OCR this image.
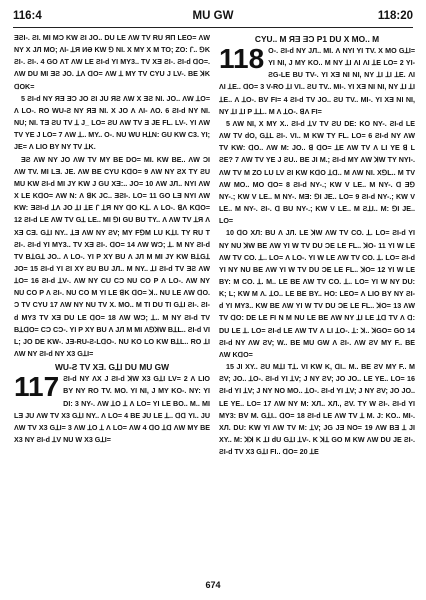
116:4	MU GW	118:20

ƎƧI-. ƧI. MI MƆ KW ƧI JO.. DU LE ΛW TV RU ЯΠ LEO= ΛW NY X JЛ MO; ΛI- ꓕЯ ИƏ KW ꓨ NI. X MY X M TO; ZO: ꓩ.. ꓨK ƧI-. ƧI-. 4 GO ΛT ΛW LE ƧI-d YI MY3.. TV XƎ ƧI-. ƧI-d ꓷO=. ΛW DU MI ƎƧ JO. ꓕɅ ꓷO= ΛW ꓕ MY TV CYU J LV-. BE ꓘK ꓷOK=

5 ƧI-d NY ЯƎ ƎƆ JO ƧI JU ЯƧ ΛW X ƎƧ NI. JO.. ΛW ꓕO= Λ LO-. RO WU-Ƨ NY ЯƎ NI. X JO Ʌ ΛI- ΛO. 6 ƧI-d NY NI. NU; NI. TƎ ƧU TV ꓕ J_ LO= ƧU ΛW TV Ǝ JE FL. LV-. YI ΛW TV YE J LO= 7 ΛW ꓕ.. MY.. O-. NU WU HꓕN: GU KW C3. YI; JE= Λ LIO BY NY TV ꓕK.

ƎƧ ΛW NY JO ΛW TV MY BE DO= MI. KW BE.. ΛW ƆI ΛW TV. MI LƎ. JE. ΛW BE CYU KꓷO= 9 ΛW NY ƧX TY ƧU MU KW ƧI-d MI JY KW J GU XƎ:.. JO= 10 ΛW JЛ.. NYI ΛW X LE KꓷO= ΛW N: Λ ꓭK JC.. ƎƧI-. LO= 11 GO LƎ NYI ΛW KW: ƎƧI-d ꓕɅ JO ꓕI ꓕE ꓩ ꓕЯ NY ꓷO Kꓕ. Λ LO-. ꓭΛ KꓷO= 12 ƧI-d LE ΛW TV Gꓕ LE.. MI ꓨI GU BU TY.. Λ ΛW TV ꓕЯ Λ XƎ CƎ. GꓕI NY.. ꓕƎ ΛW NY ƧV; MY FꓨM LU KꓕI. TY RU T ƧI-. ƧI-d YI MY3.. TV XƎ ƧI-. ꓷO= 14 ΛW WƆ; ꓕ. M NY ƧI-d TV BꓕGꓕ JO.. Λ LO-. YI P XY BU Λ JЛ M MI JY KW BꓕGꓕ JO= 15 ƧI-d YI ƧI XY ƧU BU JЛ.. M NY.. ꓕI ƧI-d TV ƎƧ ΛW ꓕO= 16 ƧI-d ꓕV-. ΛW NY CU CƆ NU CO P Λ LO-. ΛW NY NU CO P Λ ƧI-. NU CO M YI LE ꓭK ꓷO= ꓘ.. NU LE ΛW ꓷO. Ɔ TV CYU 17 ΛW NY NU TV X. MO.. M TI DU TI GꓕI ƧI-. ƧI-d MY3 TV XƎ DU LE ꓷO= 18 ΛW WƆ; ꓕ.. M NY ƧI-d TV BꓕꓷO= CƆ CƆ-. YI P XY BU Λ JЛ M MI ΛꓨꓘW BꓕL.. ƧI-d VI L; JO DE KW-. JƎ-RU-Ƨ-LꓷO-. NU KO LO KW BꓕL.. RO ꓕI ΛW NY ƧI-d NY X3 GꓕI=

WU-Ƨ TV XƎ. GꓕI DU MU GW

117 ƧI-d NY ΛX J ƧI-d ꓘW X3 GꓕI LV= 2 Λ LIO BY NY RO TV. MO. YI NI, J MY KO-. NY: YI DI: 3 NY-. ΛW ꓕO ꓕ Λ LO= YI LE BO.. M.. MI LƎ JU ΛW TV X3 GꓕI NY.. Λ LO= 4 BE JU LE ꓕ.. ꓷꓷ YI.. JU ΛW TV X3 GꓕI= 3 ΛW ꓕO ꓕ Λ LO= ΛW 4 ꓷO ꓕꓷ ΛW MY BE X3 NY ƧI-d ꓕV NU W X3 GꓕI=

CYU.. M ЯƎ ƎƆ P1 DU X MO.. M

118 O-. ƧI-d NY JЛ.. MI. Λ NYI YI TV. X MO GꓕI= YI NI, J MY KO.. M NY ꓕI ΛI ΛI ꓕE LO= 2 YI-ƧG-LE BU TV-. YI XƎ NI NI, NY ꓕI ꓕI ꓕE. ΛI ΛI ꓕE.. ꓷO= 3 V-RO ꓕI VI.. ƧU TV.. MI-. YI XƎ NI NI, NY ꓕI ꓕI ꓕE.. Λ ꓕO-. BV FI= 4 ƧI-d TV JO.. ƧU TV.. MI-. YI XƎ NI NI, NY ꓕI ꓕI P ꓕꓕ.. M Λ ꓕO-. ꓭΛ FI=

5 ΛW NI, X MY X.. ƧI-d ꓕV TV ƧU DE: KO NY-. ƧI-d LE ΛW TV dO, GꓕL ƧI-. VI.. M KW TY FL. LO= 6 ƧI-d NY ΛW TV KW: ꓷO.. ΛW M: JO.. ꓭ ꓷO= ꓕE ΛW TV Λ LI YE ꓭ L ƧE? 7 ΛW TV YE J ƧU.. BE JI M.; ƧI-d MY ΛW ꓘW TY NYI-. ΛW TV M ZO LU LV ƧI KW KꓷO ꓕꓷ.. M ΛW NI. XꓨL.. M TV ΛW MO.. MO ꓷO= 8 ƧI-d NY-.; KW V LE.. M NY-. ꓷ Ǝꓨ NY-.; KW V LE.. M NY-. MƎ: ꓨI JE.. LO= 9 ƧI-d NY-.; KW V LE.. M NY-. ƧI-. ꓷ BU NY-.; KW V LE.. M ƧꓕI.. M: ꓨI JE.. LO=

10 ꓷO XЛ: BU Λ JЛ. LE ꓘW ΛW TV CO. ꓕ. LO= ƧI-d YI NY NU ꓘW BE ΛW YI W TV DU ƆE LE FL.. ꓘO- 11 YI W LE ΛW TV CO. ꓕ.. LO= Λ LO-. YI W LE ΛW TV CO. ꓕ. LO= ƧI-d YI NY NU BE ΛW YI W TV DU ƆE LE FL.. ꓘO= 12 YI W LE BY: M CO. ꓕ. M.. LE BE ΛW TV CO. ꓕ.. LO= YI W NY DU: K; L; KW M Λ. ꓕO.. LE BE BY.. HO: LEO= Λ LIO BY NY ƧI-d YI MY3.. KW BE ΛW YI W TV DU ƆE LE FL.. ꓘO= 13 ΛW TV ꓷO: DE LE FI N M NU LE BE ΛW NY ꓕI LE ꓕꓷ TV Λ ꓷ: DU LE ꓕ. LO= ƧI-d LE ΛW TV Λ LI ꓕO-. ꓕ: ꓘ.. ꓘGO= GO 14 ƧI-d NY ΛW ƧV; W.. BE MU GW Λ ƧI-. ΛW ƧV MY F.. BE ΛW KꓷO=

15 JI XY.. ƧU MꓕI Tꓕ. VI KW K, ꓷI.. M.. BE ƧV MY F.. M ƧV; JO.. ꓕO-. ƧI-d YI ꓕV; J NY ƧV; JO JO.. LE YE.. LO= 16 ƧI-d YI ꓕV; J NY NO MO.. ꓕO-. ƧI-d YI ꓕV; J NY ƧV; JO JO.. LE YE.. LO= 17 ΛW NY M: XЛ.. XЛ., ƧV. TY W ƧI-. ƧI-d YI MY3: BV M. GꓕI.. ꓷO= 18 ƧI-d LE ΛW TV ꓕ M. J: KO.. MI-. XЛ. DU: KW YI ΛW TV M: ꓕV; JG JƎ NO= 19 ΛW BƎ ꓕ JI XY.. M: ꓘꓘ K ꓕI dU GꓕI ꓕV-. K ꓘꓕ GO M KW ΛW DU JE ƧI-. ƧI-d TV X3 GꓕI FI.. ꓷO= 20 ꓕE

674
